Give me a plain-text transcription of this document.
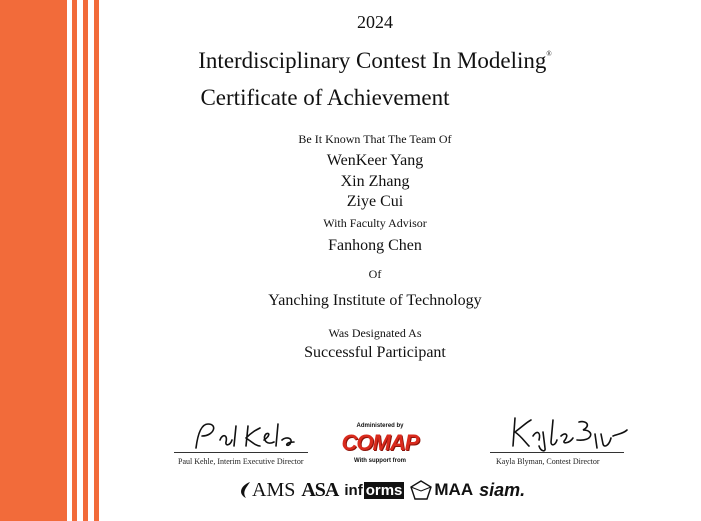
2024
Interdisciplinary Contest In Modeling®
Certificate of Achievement
Be It Known That The Team Of
WenKeer Yang
Xin Zhang
Ziye Cui
With Faculty Advisor
Fanhong Chen
Of
Yanching Institute of Technology
Was Designated As
Successful Participant
Paul Kehle, Interim Executive Director	Kayla Blyman, Contest Director
Administered by
COMAP
With support from
AMS ASA inf orms MAA siam.
